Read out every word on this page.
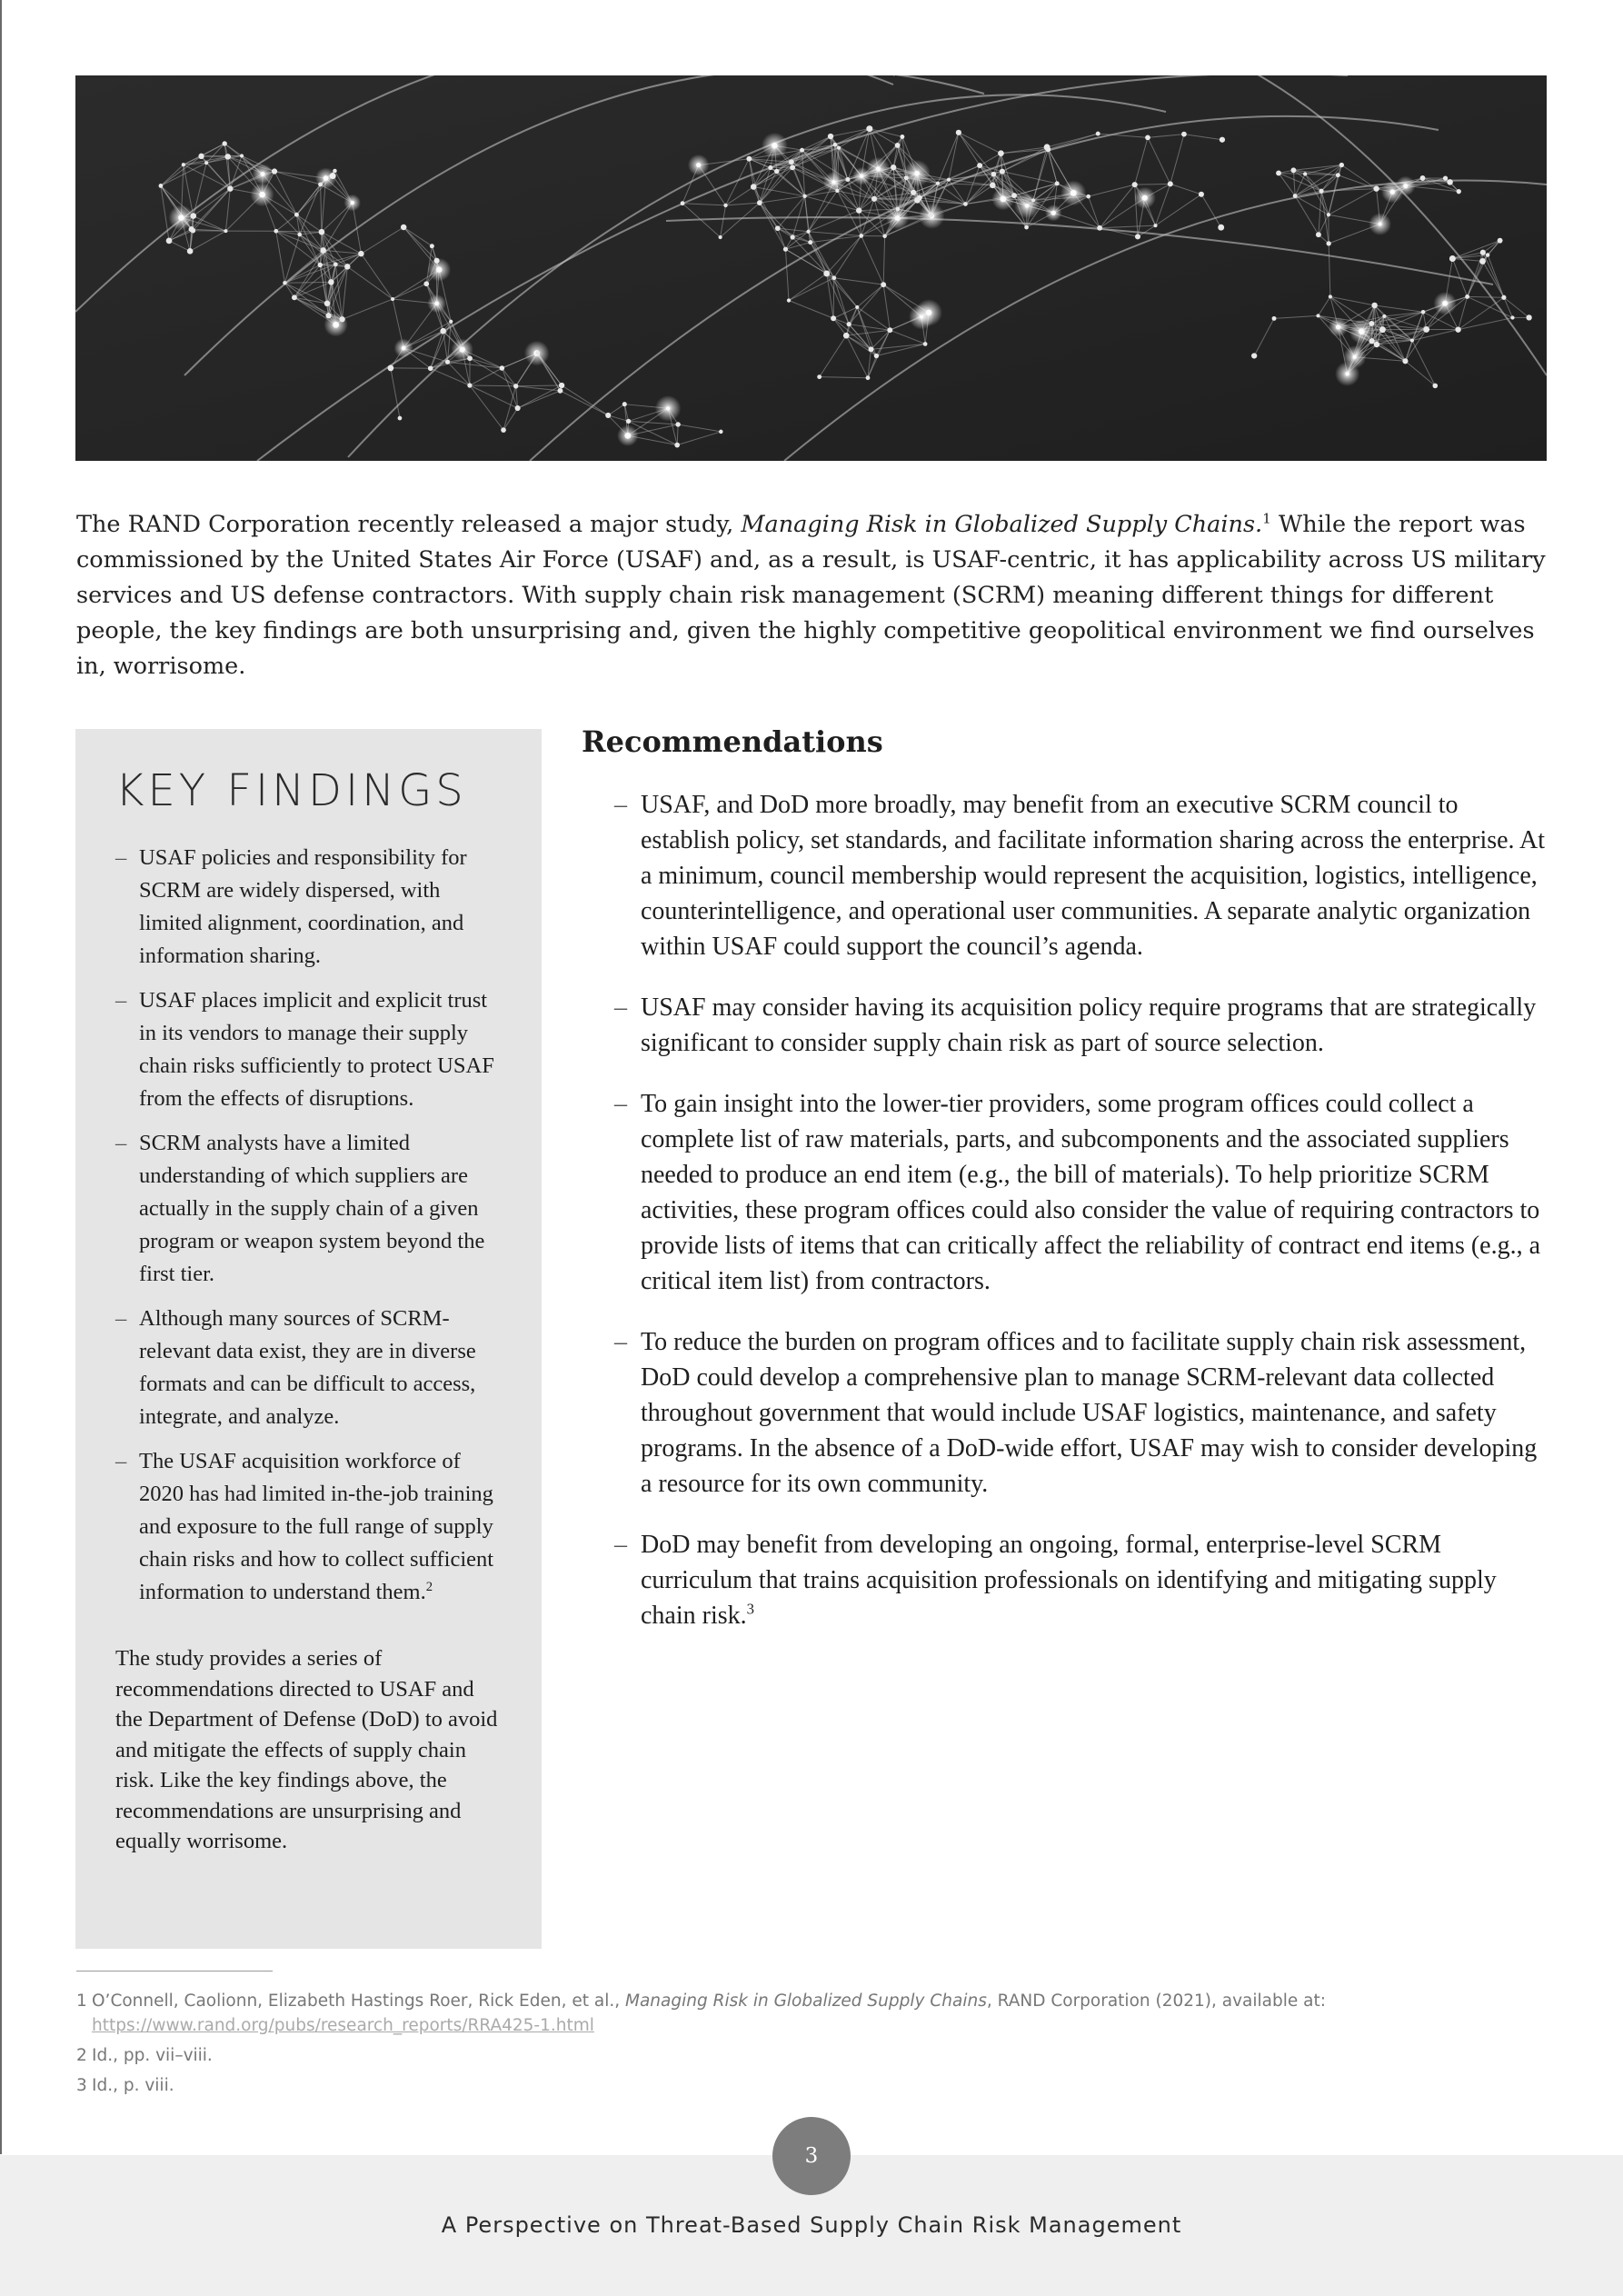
The RAND Corporation recently released a major study, Managing Risk in Globalized Supply Chains.$^1$ While the report was commissioned by the United States Air Force (USAF) and, as a result, is USAF-centric, it has applicability across US military services and US defense contractors. With supply chain risk management (SCRM) meaning different things for different people, the key findings are both unsurprising and, given the highly competitive geopolitical environment we find ourselves in, worrisome.

KEY FINDINGS
– USAF policies and responsibility for SCRM are widely dispersed, with limited alignment, coordination, and information sharing.
– USAF places implicit and explicit trust in its vendors to manage their supply chain risks sufficiently to protect USAF from the effects of disruptions.
– SCRM analysts have a limited understanding of which suppliers are actually in the supply chain of a given program or weapon system beyond the first tier.
– Although many sources of SCRM-relevant data exist, they are in diverse formats and can be difficult to access, integrate, and analyze.
– The USAF acquisition workforce of 2020 has had limited in-the-job training and exposure to the full range of supply chain risks and how to collect sufficient information to understand them.$^2$

The study provides a series of recommendations directed to USAF and the Department of Defense (DoD) to avoid and mitigate the effects of supply chain risk. Like the key findings above, the recommendations are unsurprising and equally worrisome.

Recommendations
– USAF, and DoD more broadly, may benefit from an executive SCRM council to establish policy, set standards, and facilitate information sharing across the enterprise. At a minimum, council membership would represent the acquisition, logistics, intelligence, counterintelligence, and operational user communities. A separate analytic organization within USAF could support the council’s agenda.
– USAF may consider having its acquisition policy require programs that are strategically significant to consider supply chain risk as part of source selection.
– To gain insight into the lower-tier providers, some program offices could collect a complete list of raw materials, parts, and subcomponents and the associated suppliers needed to produce an end item (e.g., the bill of materials). To help prioritize SCRM activities, these program offices could also consider the value of requiring contractors to provide lists of items that can critically affect the reliability of contract end items (e.g., a critical item list) from contractors.
– To reduce the burden on program offices and to facilitate supply chain risk assessment, DoD could develop a comprehensive plan to manage SCRM-relevant data collected throughout government that would include USAF logistics, maintenance, and safety programs. In the absence of a DoD-wide effort, USAF may wish to consider developing a resource for its own community.
– DoD may benefit from developing an ongoing, formal, enterprise-level SCRM curriculum that trains acquisition professionals on identifying and mitigating supply chain risk.$^3$
1 O’Connell, Caolionn, Elizabeth Hastings Roer, Rick Eden, et al., Managing Risk in Globalized Supply Chains, RAND Corporation (2021), available at: https://www.rand.org/pubs/research_reports/RRA425-1.html
2 Id., pp. vii–viii.
3 Id., p. viii.
3
A Perspective on Threat-Based Supply Chain Risk Management
